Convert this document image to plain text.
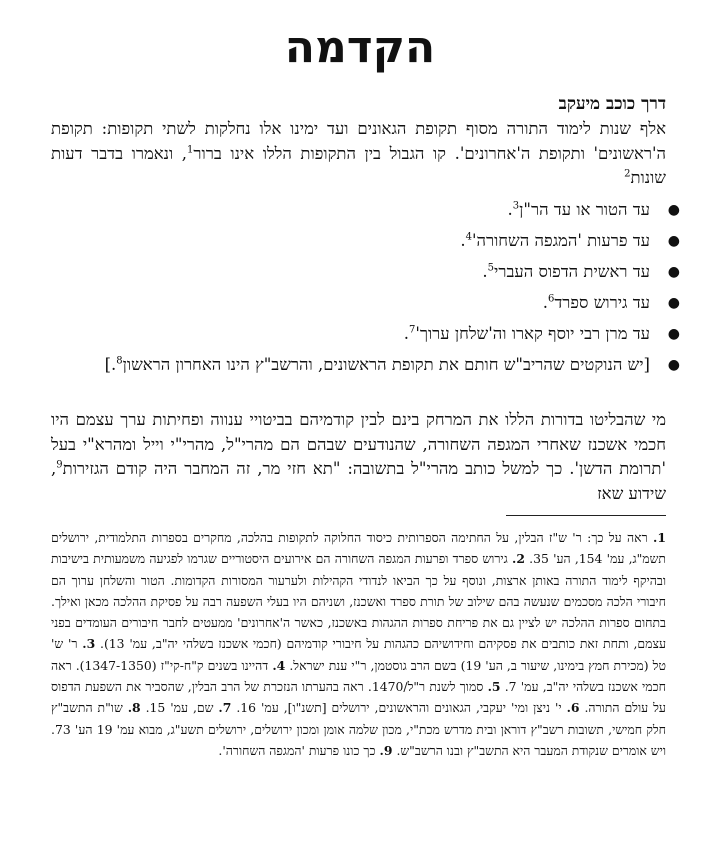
הקדמה
דרך כוכב מיעקב

אלף שנות לימוד התורה מסוף תקופת הגאונים ועד ימינו אלו נחלקות לשתי תקופות: תקופת ה'ראשונים' ותקופת ה'אחרונים'. קו הגבול בין התקופות הללו אינו ברור$^1$, ונאמרו בדבר דעות שונות$^2$

●
עד הטור או עד הר"ן$^3$.
●
עד פרעות 'המגפה $השחורה'^4$.
●
עד ראשית הדפוס העברי$^5$.
●
עד גירוש ספרד$^6$.
●
עד מרן רבי יוסף קארו וה'שלחן $ערוך'^7$.
●
[יש הנוקטים שהריב"ש חותם את תקופת הראשונים, והרשב"ץ הינו האחרון הראשון$^8$.]

מי שהבליטו בדורות הללו את המרחק בינם לבין קודמיהם בביטויי ענווה ופחיתות ערך עצמם היו חכמי אשכנז שאחרי המגפה השחורה, שהנודעים שבהם הם מהרי"ל, מהרי"י וייל ומהרא"י בעל 'תרומת הדשן'. כך למשל כותב מהרי"ל בתשובה: "תא חזי מר, זה המחבר היה קודם הגזירות$^9$, שידוע שאז

1. ראה על כך: ר' ש"ז הבלין, על החתימה הספרותית כיסוד החלוקה לתקופות בהלכה, מחקרים בספרות התלמודית, ירושלים תשמ"ג, עמ' 154, הע' 35. 2. גירוש ספרד ופרעות המגפה השחורה הם אירועים היסטוריים שגרמו לפגיעה משמעותית בישיבות ובהיקף לימוד התורה באותן ארצות, ונוסף על כך הביאו לנדודי הקהילות ולערעור המסורות הקדומות. הטור והשלחן ערוך הם חיבורי הלכה מסכמים שנעשה בהם שילוב של תורת ספרד ואשכנז, ושניהם היו בעלי השפעה רבה על פסיקת ההלכה מכאן ואילך. בתחום ספרות ההלכה יש לציין גם את פריחת ספרות ההגהות באשכנז, כאשר ה'אחרונים' ממעטים לחבר חיבורים העומדים בפני עצמם, ותחת זאת כותבים את פסקיהם וחידושיהם כהגהות על חיבורי קודמיהם (חכמי אשכנז בשלהי יה"ב, עמ' 13). 3. ר' ש' טל (מכירת חמץ בימינו, שיעור ב, הע' 19) בשם הרב גוסטמן, ר"י ענת ישראל. 4. דהיינו בשנים ק"ח-קי"ז (1347-1350). ראה חכמי אשכנז בשלהי יה"ב, עמ' 7. 5. סמוך לשנת ר"ל/1470. ראה בהערתו הנזכרת של הרב הבלין, שהסביר את השפעת הדפוס על עולם התורה. 6. י' ניצן ומי' יעקבי, הגאונים והראשונים, ירושלים [תשנ"ו], עמ' 16. 7. שם, עמ' 15. 8. שו"ת התשב"ץ חלק חמישי, תשובות רשב"ץ דוראן ובית מדרש מכת"י, מכון שלמה אומן ומכון ירושלים, ירושלים תשע"ג, מבוא עמ' 19 הע' 73. ויש אומרים שנקודת המעבר היא התשב"ץ ובנו הרשב"ש. 9. כך כונו פרעות 'המגפה השחורה'.
